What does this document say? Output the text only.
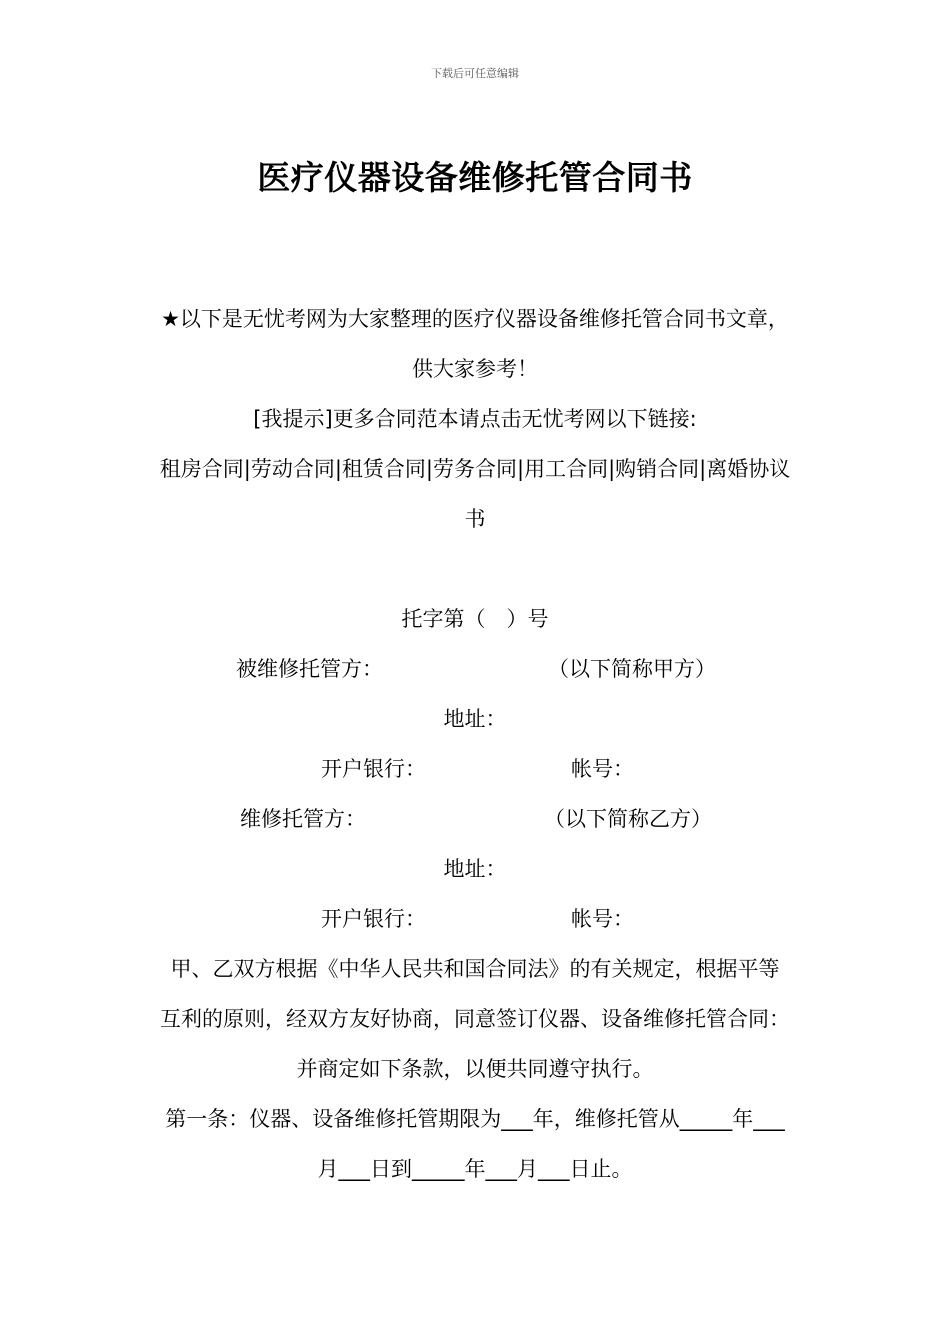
下载后可任意编辑
医疗仪器设备维修托管合同书
★以下是无忧考网为大家整理的医疗仪器设备维修托管合同书文章，
供大家参考！
[我提示]更多合同范本请点击无忧考网以下链接:
租房合同|劳动合同|租赁合同|劳务合同|用工合同|购销合同|离婚协议
书
托字第（　）号
被维修托管方：	（以下简称甲方）
地址：
开户银行：	帐号：
维修托管方：	（以下简称乙方）
地址：
开户银行：	帐号：
甲、乙双方根据《中华人民共和国合同法》的有关规定，根据平等
互利的原则，经双方友好协商，同意签订仪器、设备维修托管合同：
并商定如下条款，以便共同遵守执行。
第一条：仪器、设备维修托管期限为___年，维修托管从_____年___
月___日到_____年___月___日止。
